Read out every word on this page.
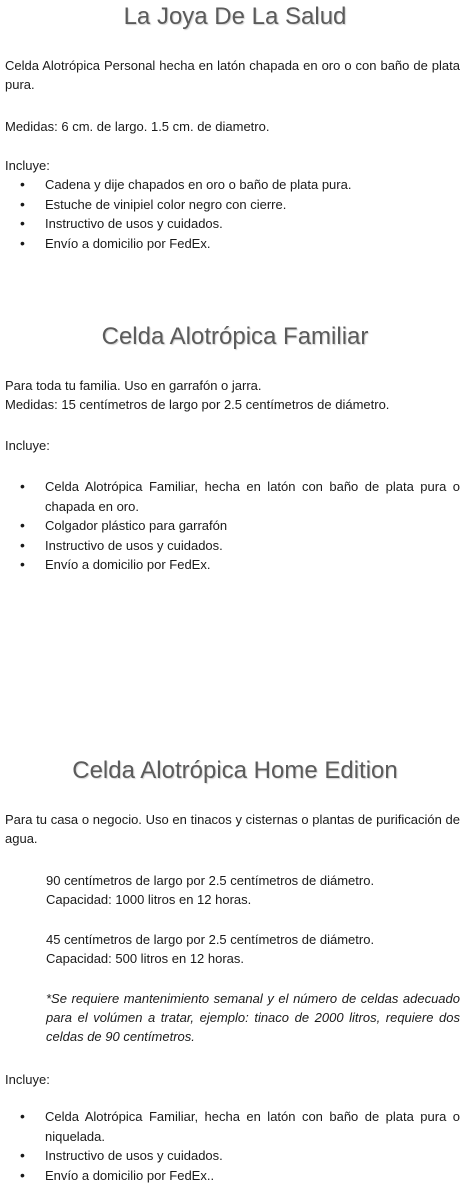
La Joya De La Salud

Celda Alotrópica Personal hecha en latón chapada en oro o con baño de plata pura.

Medidas: 6 cm. de largo. 1.5 cm. de diametro.

Incluye:

• Cadena y dije chapados en oro o baño de plata pura.
• Estuche de vinipiel color negro con cierre.
• Instructivo de usos y cuidados.
• Envío a domicilio por FedEx.
Celda Alotrópica Familiar

Para toda tu familia. Uso en garrafón o jarra.

Medidas: 15 centímetros de largo por 2.5 centímetros de diámetro.

Incluye:

• Celda Alotrópica Familiar, hecha en latón con baño de plata pura o chapada en oro.
• Colgador plástico para garrafón
• Instructivo de usos y cuidados.
• Envío a domicilio por FedEx.
Celda Alotrópica Home Edition

Para tu casa o negocio. Uso en tinacos y cisternas o plantas de purificación de agua.

90 centímetros de largo por 2.5 centímetros de diámetro.

Capacidad: 1000 litros en 12 horas.

45 centímetros de largo por 2.5 centímetros de diámetro.

Capacidad: 500 litros en 12 horas.

*Se requiere mantenimiento semanal y el número de celdas adecuado para el volúmen a tratar, ejemplo: tinaco de 2000 litros, requiere dos celdas de 90 centímetros.

Incluye:

• Celda Alotrópica Familiar, hecha en latón con baño de plata pura o niquelada.
• Instructivo de usos y cuidados.
• Envío a domicilio por FedEx..
